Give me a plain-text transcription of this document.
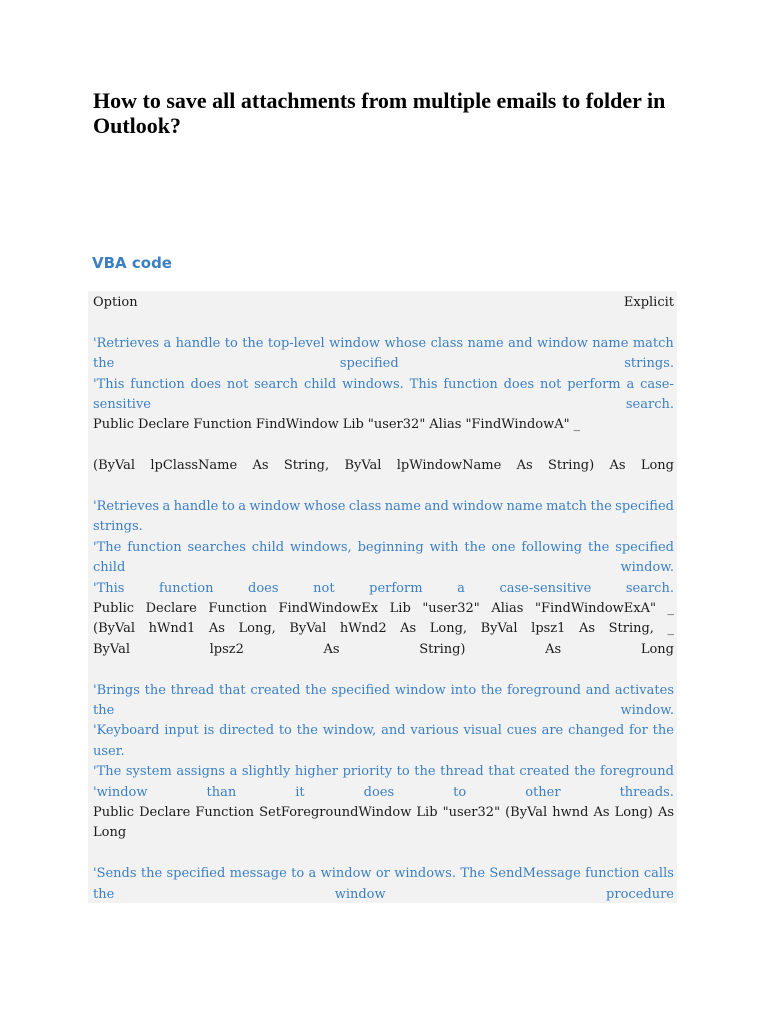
How to save all attachments from multiple emails to folder in Outlook?
VBA code
Option	Explicit
'Retrieves a handle to the top-level window whose class name and window name match
the	specified	strings.
'This function does not search child windows. This function does not perform a case-
sensitive	search.
Public Declare Function FindWindow Lib "user32" Alias "FindWindowA" _
(ByVal lpClassName As String, ByVal lpWindowName As String) As Long
'Retrieves a handle to a window whose class name and window name match the specified
strings.
'The function searches child windows, beginning with the one following the specified
child	window.
'This	function	does	not	perform	a	case-sensitive	search.
Public Declare Function FindWindowEx Lib "user32" Alias "FindWindowExA" _
(ByVal hWnd1 As Long, ByVal hWnd2 As Long, ByVal lpsz1 As String, _
ByVal	lpsz2	As	String)	As	Long
'Brings the thread that created the specified window into the foreground and activates
the	window.
'Keyboard input is directed to the window, and various visual cues are changed for the
user.
'The system assigns a slightly higher priority to the thread that created the foreground
'window	than	it	does	to	other	threads.
Public Declare Function SetForegroundWindow Lib "user32" (ByVal hwnd As Long) As
Long
'Sends the specified message to a window or windows. The SendMessage function calls
the	window	procedure
